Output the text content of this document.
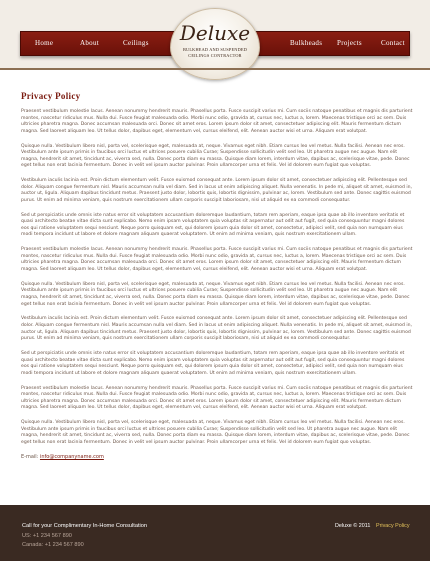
Home	About	Ceilings	Bulkheads Projects	Contact
Deluxe
BULKHEAD AND SUSPENDED
CEILINGS CONTRACTOR
Privacy Policy

Praesent vestibulum molestie lacus. Aenean nonummy hendrerit mauris. Phasellus porta. Fusce suscipit varius mi. Cum sociis natoque penatibus et magnis dis parturient montes, nascetur ridiculus mus. Nulla dui. Fusce feugiat malesuada odio. Morbi nunc odio, gravida at, cursus nec, luctus a, lorem. Maecenas tristique orci ac sem. Duis ultricies pharetra magna. Donec accumsan malesuada orci. Donec sit amet eros. Lorem ipsum dolor sit amet, consectetuer adipiscing elit. Mauris fermentum dictum magna. Sed laoreet aliquam leo. Ut tellus dolor, dapibus eget, elementum vel, cursus eleifend, elit. Aenean auctor wisi et urna. Aliquam erat volutpat.

Quisque nulla. Vestibulum libero nisl, porta vel, scelerisque eget, malesuada at, neque. Vivamus eget nibh. Etiam cursus leo vel metus. Nulla facilisi. Aenean nec eros. Vestibulum ante ipsum primis in faucibus orci luctus et ultrices posuere cubilia Curae; Suspendisse sollicitudin velit sed leo. Ut pharetra augue nec augue. Nam elit magna, hendrerit sit amet, tincidunt ac, viverra sed, nulla. Donec porta diam eu massa. Quisque diam lorem, interdum vitae, dapibus ac, scelerisque vitae, pede. Donec eget tellus non erat lacinia fermentum. Donec in velit vel ipsum auctor pulvinar. Proin ullamcorper urna et felis. Vel id dolorem eum fugiat quo voluptas.

Vestibulum iaculis lacinia est. Proin dictum elementum velit. Fusce euismod consequat ante. Lorem ipsum dolor sit amet, consectetuer adipiscing elit. Pellentesque sed dolor. Aliquam congue fermentum nisl. Mauris accumsan nulla vel diam. Sed in lacus ut enim adipiscing aliquet. Nulla venenatis. In pede mi, aliquet sit amet, euismod in, auctor ut, ligula. Aliquam dapibus tincidunt metus. Praesent justo dolor, lobortis quis, lobortis dignissim, pulvinar ac, lorem. Vestibulum sed ante. Donec sagittis euismod purus. Ut enim ad minima veniam, quis nostrum exercitationem ullam corporis suscipit laboriosam, nisi ut aliquid ex ea commodi consequatur.

Sed ut perspiciatis unde omnis iste natus error sit voluptatem accusantium doloremque laudantium, totam rem aperiam, eaque ipsa quae ab illo inventore veritatis et quasi architecto beatae vitae dicta sunt explicabo. Nemo enim ipsam voluptatem quia voluptas sit aspernatur aut odit aut fugit, sed quia consequuntur magni dolores eos qui ratione voluptatem sequi nesciunt. Neque porro quisquam est, qui dolorem ipsum quia dolor sit amet, consectetur, adipisci velit, sed quia non numquam eius modi tempora incidunt ut labore et dolore magnam aliquam quaerat voluptatem. Ut enim ad minima veniam, quis nostrum exercitationem ullam.

Praesent vestibulum molestie lacus. Aenean nonummy hendrerit mauris. Phasellus porta. Fusce suscipit varius mi. Cum sociis natoque penatibus et magnis dis parturient montes, nascetur ridiculus mus. Nulla dui. Fusce feugiat malesuada odio. Morbi nunc odio, gravida at, cursus nec, luctus a, lorem. Maecenas tristique orci ac sem. Duis ultricies pharetra magna. Donec accumsan malesuada orci. Donec sit amet eros. Lorem ipsum dolor sit amet, consectetuer adipiscing elit. Mauris fermentum dictum magna. Sed laoreet aliquam leo. Ut tellus dolor, dapibus eget, elementum vel, cursus eleifend, elit. Aenean auctor wisi et urna. Aliquam erat volutpat.

Quisque nulla. Vestibulum libero nisl, porta vel, scelerisque eget, malesuada at, neque. Vivamus eget nibh. Etiam cursus leo vel metus. Nulla facilisi. Aenean nec eros. Vestibulum ante ipsum primis in faucibus orci luctus et ultrices posuere cubilia Curae; Suspendisse sollicitudin velit sed leo. Ut pharetra augue nec augue. Nam elit magna, hendrerit sit amet, tincidunt ac, viverra sed, nulla. Donec porta diam eu massa. Quisque diam lorem, interdum vitae, dapibus ac, scelerisque vitae, pede. Donec eget tellus non erat lacinia fermentum. Donec in velit vel ipsum auctor pulvinar. Proin ullamcorper urna et felis. Vel id dolorem eum fugiat quo voluptas.

Vestibulum iaculis lacinia est. Proin dictum elementum velit. Fusce euismod consequat ante. Lorem ipsum dolor sit amet, consectetuer adipiscing elit. Pellentesque sed dolor. Aliquam congue fermentum nisl. Mauris accumsan nulla vel diam. Sed in lacus ut enim adipiscing aliquet. Nulla venenatis. In pede mi, aliquet sit amet, euismod in, auctor ut, ligula. Aliquam dapibus tincidunt metus. Praesent justo dolor, lobortis quis, lobortis dignissim, pulvinar ac, lorem. Vestibulum sed ante. Donec sagittis euismod purus. Ut enim ad minima veniam, quis nostrum exercitationem ullam corporis suscipit laboriosam, nisi ut aliquid ex ea commodi consequatur.

Sed ut perspiciatis unde omnis iste natus error sit voluptatem accusantium doloremque laudantium, totam rem aperiam, eaque ipsa quae ab illo inventore veritatis et quasi architecto beatae vitae dicta sunt explicabo. Nemo enim ipsam voluptatem quia voluptas sit aspernatur aut odit aut fugit, sed quia consequuntur magni dolores eos qui ratione voluptatem sequi nesciunt. Neque porro quisquam est, qui dolorem ipsum quia dolor sit amet, consectetur, adipisci velit, sed quia non numquam eius modi tempora incidunt ut labore et dolore magnam aliquam quaerat voluptatem. Ut enim ad minima veniam, quis nostrum exercitationem ullam.

Praesent vestibulum molestie lacus. Aenean nonummy hendrerit mauris. Phasellus porta. Fusce suscipit varius mi. Cum sociis natoque penatibus et magnis dis parturient montes, nascetur ridiculus mus. Nulla dui. Fusce feugiat malesuada odio. Morbi nunc odio, gravida at, cursus nec, luctus a, lorem. Maecenas tristique orci ac sem. Duis ultricies pharetra magna. Donec accumsan malesuada orci. Donec sit amet eros. Lorem ipsum dolor sit amet, consectetuer adipiscing elit. Mauris fermentum dictum magna. Sed laoreet aliquam leo. Ut tellus dolor, dapibus eget, elementum vel, cursus eleifend, elit. Aenean auctor wisi et urna. Aliquam erat volutpat.

Quisque nulla. Vestibulum libero nisl, porta vel, scelerisque eget, malesuada at, neque. Vivamus eget nibh. Etiam cursus leo vel metus. Nulla facilisi. Aenean nec eros. Vestibulum ante ipsum primis in faucibus orci luctus et ultrices posuere cubilia Curae; Suspendisse sollicitudin velit sed leo. Ut pharetra augue nec augue. Nam elit magna, hendrerit sit amet, tincidunt ac, viverra sed, nulla. Donec porta diam eu massa. Quisque diam lorem, interdum vitae, dapibus ac, scelerisque vitae, pede. Donec eget tellus non erat lacinia fermentum. Donec in velit vel ipsum auctor pulvinar. Proin ullamcorper urna et felis. Vel id dolorem eum fugiat quo voluptas.

E-mail: info@companyname.com

Call for your Complimentary In-Home Consultation
US: +1 234 567 890
Canada: +1 234 567 890
Deluxe © 2011 Privacy Policy
